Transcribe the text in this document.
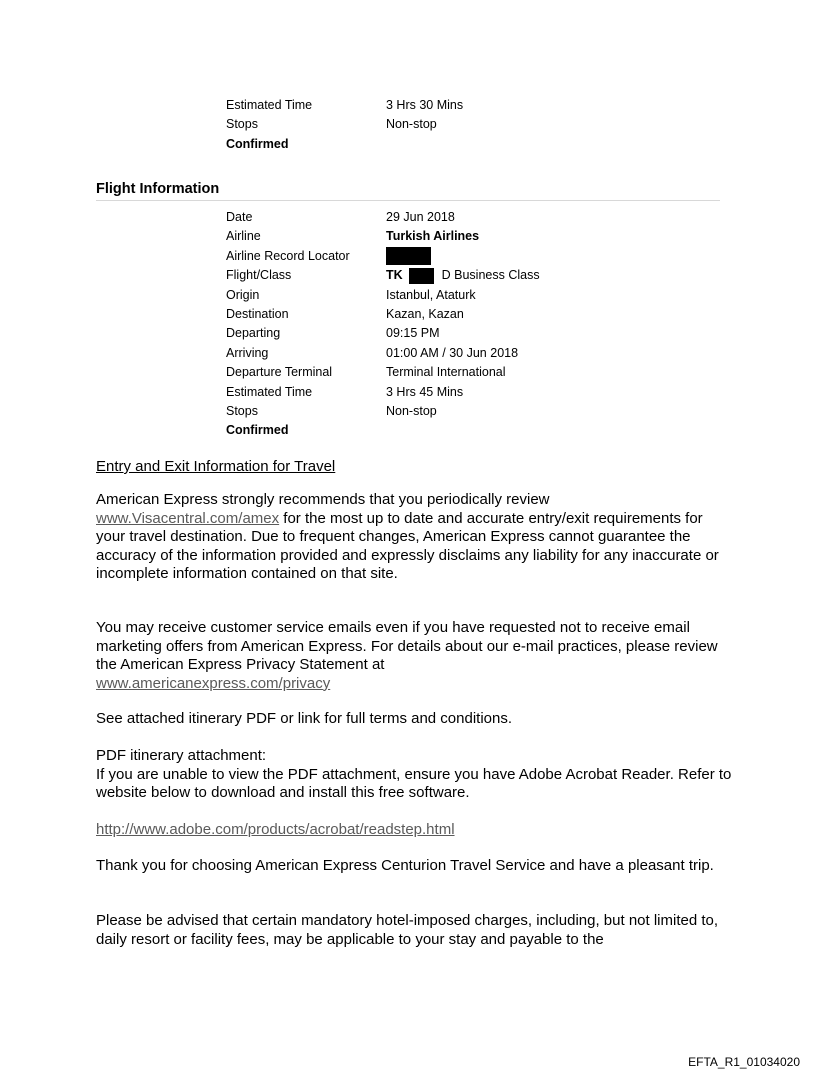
Estimated Time	3 Hrs 30 Mins
Stops	Non-stop
Confirmed
Flight Information
Date	29 Jun 2018
Airline	Turkish Airlines
Airline Record Locator
Flight/Class	TK	D Business Class
Origin	Istanbul, Ataturk
Destination	Kazan, Kazan
Departing	09:15 PM
Arriving	01:00 AM / 30 Jun 2018
Departure Terminal	Terminal International
Estimated Time	3 Hrs 45 Mins
Stops	Non-stop
Confirmed
Entry and Exit Information for Travel

American Express strongly recommends that you periodically review
www.Visacentral.com/amex for the most up to date and accurate entry/exit requirements for your travel destination. Due to frequent changes, American Express cannot guarantee the accuracy of the information provided and expressly disclaims any liability for any inaccurate or incomplete information contained on that site.

You may receive customer service emails even if you have requested not to receive email marketing offers from American Express. For details about our e-mail practices, please review the American Express Privacy Statement at
www.americanexpress.com/privacy

See attached itinerary PDF or link for full terms and conditions.

PDF itinerary attachment:

If you are unable to view the PDF attachment, ensure you have Adobe Acrobat Reader. Refer to website below to download and install this free software.

http://www.adobe.com/products/acrobat/readstep.html

Thank you for choosing American Express Centurion Travel Service and have a pleasant trip.

Please be advised that certain mandatory hotel-imposed charges, including, but not limited to, daily resort or facility fees, may be applicable to your stay and payable to the

EFTA_R1_01034020
